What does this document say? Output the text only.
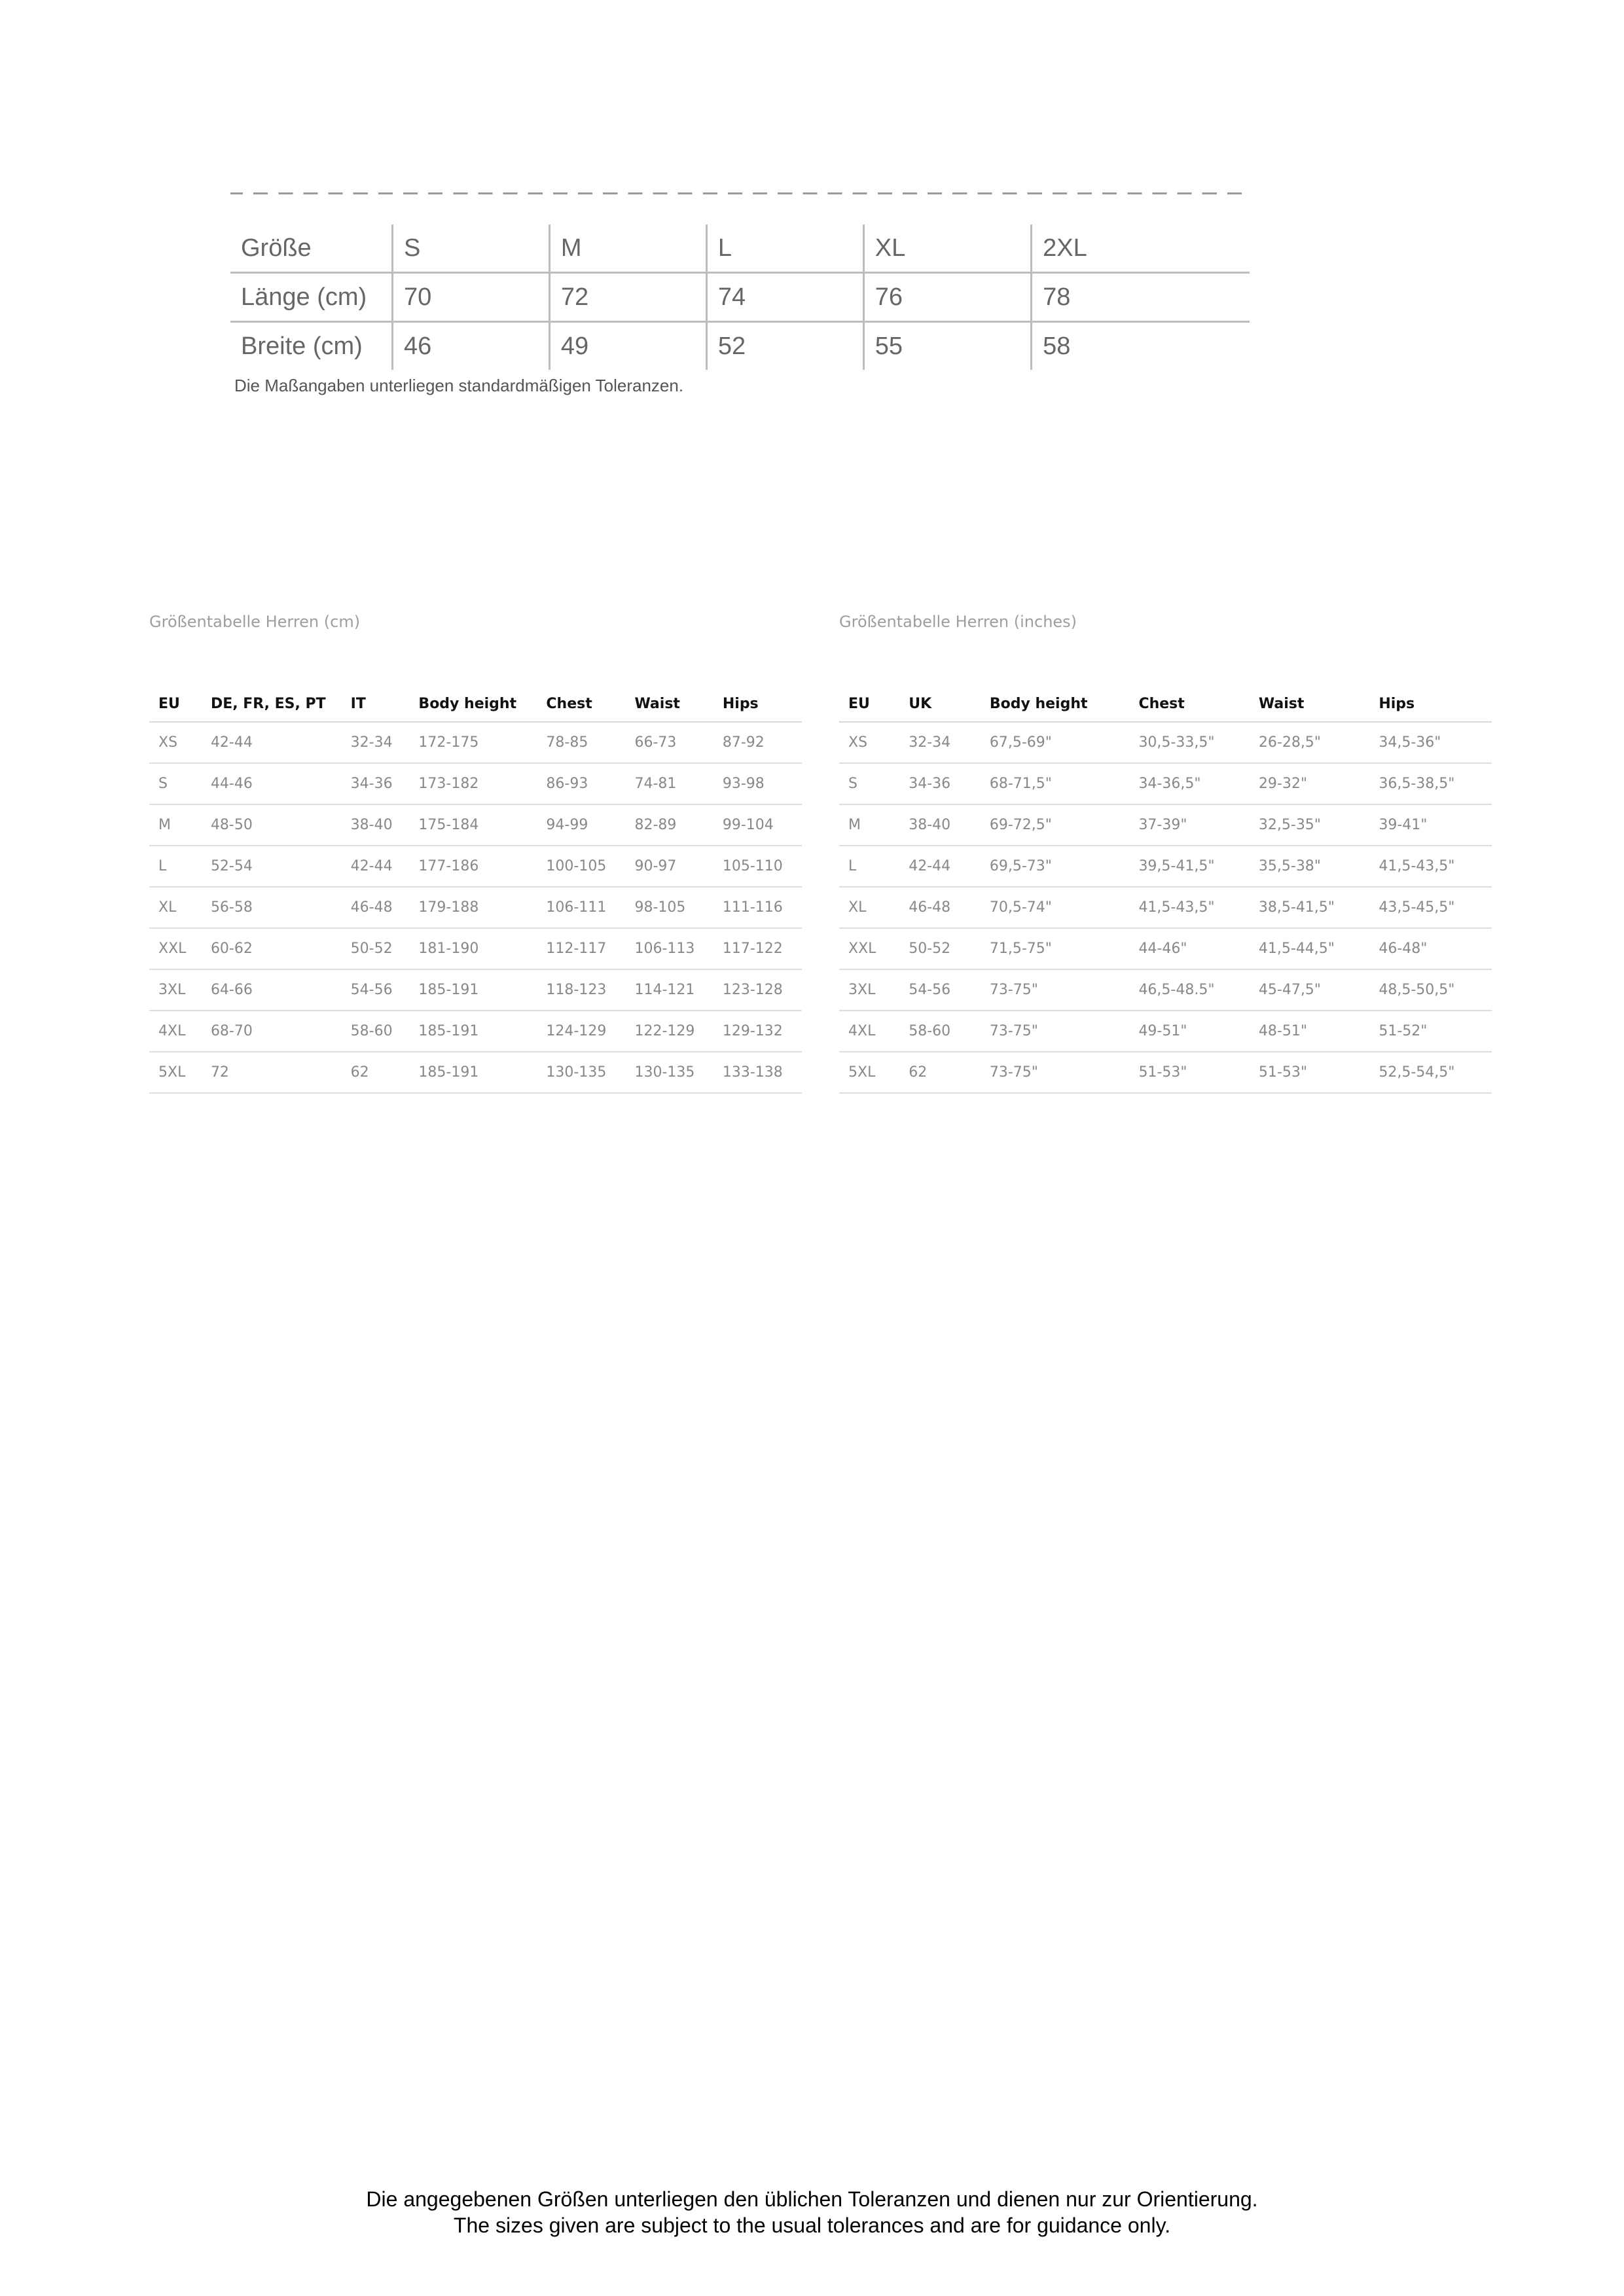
Größe	S	M	L	XL	2XL
Länge (cm)	70	72	74	76	78
Breite (cm)	46	49	52	55	58
Die Maßangaben unterliegen standardmäßigen Toleranzen.
Größentabelle Herren (cm)
EU	DE, FR, ES, PT	IT	Body height	Chest	Waist	Hips
XS	42-44	32-34	172-175	78-85	66-73	87-92
S	44-46	34-36	173-182	86-93	74-81	93-98
M	48-50	38-40	175-184	94-99	82-89	99-104
L	52-54	42-44	177-186	100-105	90-97	105-110
XL	56-58	46-48	179-188	106-111	98-105	111-116
XXL	60-62	50-52	181-190	112-117	106-113	117-122
3XL	64-66	54-56	185-191	118-123	114-121	123-128
4XL	68-70	58-60	185-191	124-129	122-129	129-132
5XL	72	62	185-191	130-135	130-135	133-138
Größentabelle Herren (inches)
EU	UK	Body height	Chest	Waist	Hips
XS	32-34	67,5-69"	30,5-33,5"	26-28,5"	34,5-36"
S	34-36	68-71,5"	34-36,5"	29-32"	36,5-38,5"
M	38-40	69-72,5"	37-39"	32,5-35"	39-41"
L	42-44	69,5-73"	39,5-41,5"	35,5-38"	41,5-43,5"
XL	46-48	70,5-74"	41,5-43,5"	38,5-41,5"	43,5-45,5"
XXL	50-52	71,5-75"	44-46"	41,5-44,5"	46-48"
3XL	54-56	73-75"	46,5-48.5"	45-47,5"	48,5-50,5"
4XL	58-60	73-75"	49-51"	48-51"	51-52"
5XL	62	73-75"	51-53"	51-53"	52,5-54,5"
Die angegebenen Größen unterliegen den üblichen Toleranzen und dienen nur zur Orientierung.
The sizes given are subject to the usual tolerances and are for guidance only.
